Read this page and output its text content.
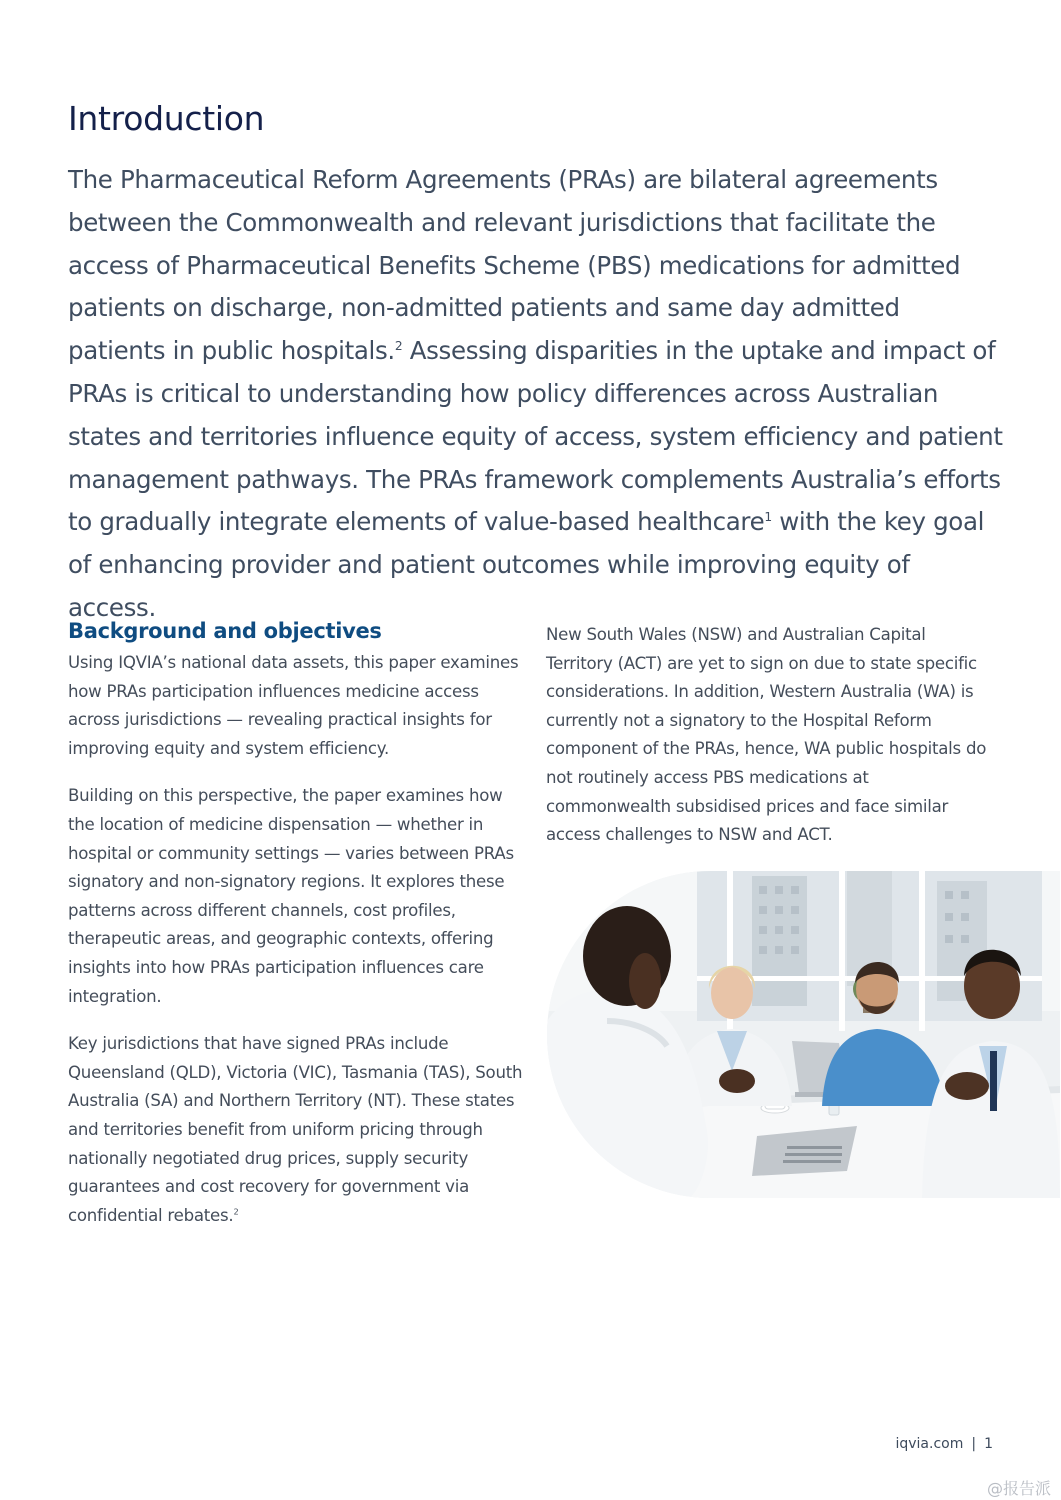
Introduction

The Pharmaceutical Reform Agreements (PRAs) are bilateral agreements between the Commonwealth and relevant jurisdictions that facilitate the access of Pharmaceutical Benefits Scheme (PBS) medications for admitted patients on discharge, non-admitted patients and same day admitted patients in public hospitals.$^2$ Assessing disparities in the uptake and impact of PRAs is critical to understanding how policy differences across Australian states and territories influence equity of access, system efficiency and patient management pathways. The PRAs framework complements Australia’s efforts to gradually integrate elements of value-based healthcare$^1$ with the key goal of enhancing provider and patient outcomes while improving equity of access.

Background and objectives

Using IQVIA’s national data assets, this paper examines how PRAs participation influences medicine access across jurisdictions — revealing practical insights for improving equity and system efficiency.

Building on this perspective, the paper examines how the location of medicine dispensation — whether in hospital or community settings — varies between PRAs signatory and non-signatory regions. It explores these patterns across different channels, cost profiles, therapeutic areas, and geographic contexts, offering insights into how PRAs participation influences care integration.

Key jurisdictions that have signed PRAs include Queensland (QLD), Victoria (VIC), Tasmania (TAS), South Australia (SA) and Northern Territory (NT). These states and territories benefit from uniform pricing through nationally negotiated drug prices, supply security guarantees and cost recovery for government via confidential rebates.$^2$

New South Wales (NSW) and Australian Capital Territory (ACT) are yet to sign on due to state specific considerations. In addition, Western Australia (WA) is currently not a signatory to the Hospital Reform component of the PRAs, hence, WA public hospitals do not routinely access PBS medications at commonwealth subsidised prices and face similar access challenges to NSW and ACT.

iqvia.com | 1
@报告派
